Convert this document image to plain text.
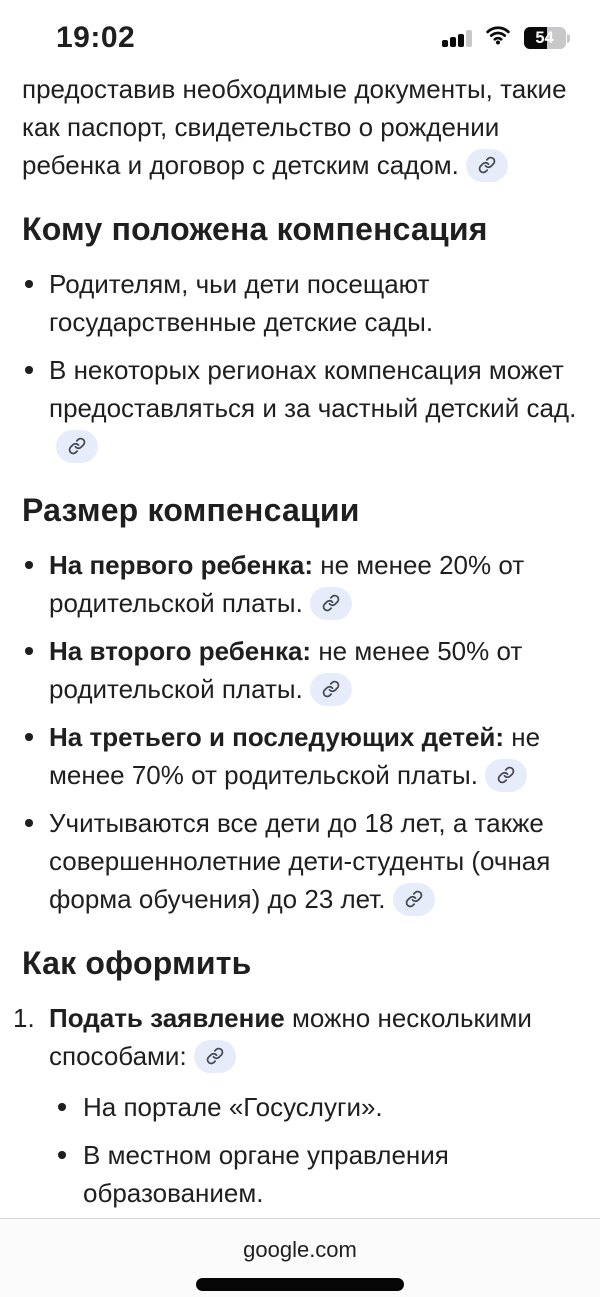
19:02	54

предоставив необходимые документы, такие как паспорт, свидетельство о рождении ребенка и договор с детским садом.

Кому положена компенсация
Родителям, чьи дети посещают государственные детские сады.
В некоторых регионах компенсация может предоставляться и за частный детский сад.
Размер компенсации
На первого ребенка: не менее 20% от родительской платы.
На второго ребенка: не менее 50% от родительской платы.
На третьего и последующих детей: не менее 70% от родительской платы.
Учитываются все дети до 18 лет, а также совершеннолетние дети-студенты (очная форма обучения) до 23 лет.
Как оформить
1. Подать заявление можно несколькими способами:
На портале «Госуслуги».
В местном органе управления образованием.
google.com
